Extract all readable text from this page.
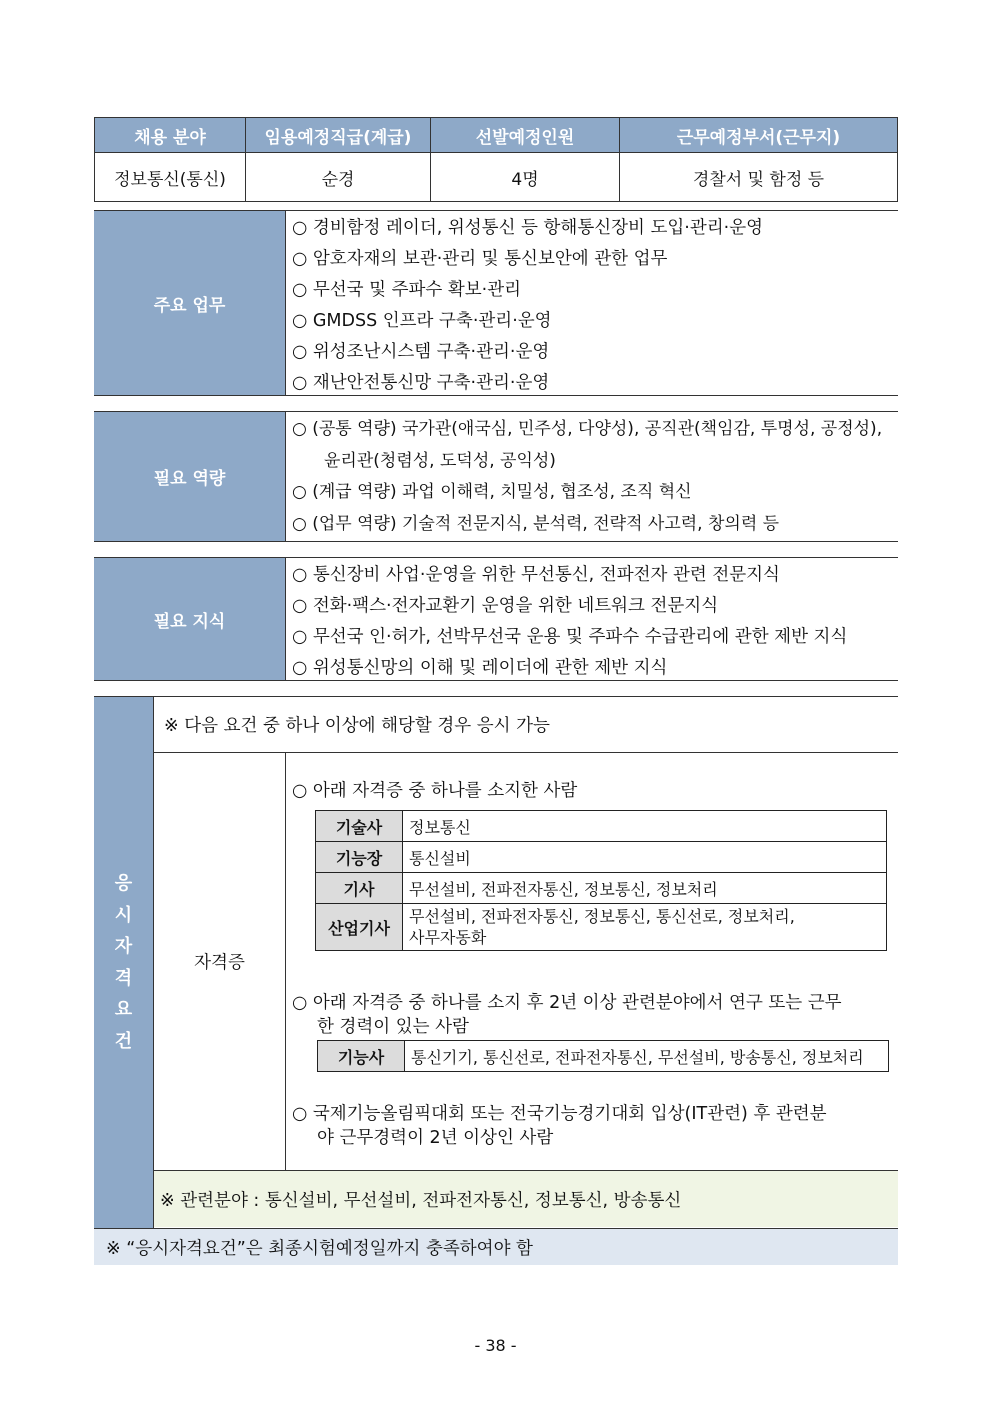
채용 분야	임용예정직급(계급)	선발예정인원	근무예정부서(근무지)
정보통신(통신)	순경	4명	경찰서 및 함정 등
주요 업무
○ 경비함정 레이더, 위성통신 등 항해통신장비 도입·관리·운영
○ 암호자재의 보관·관리 및 통신보안에 관한 업무
○ 무선국 및 주파수 확보·관리
○ GMDSS 인프라 구축·관리·운영
○ 위성조난시스템 구축·관리·운영
○ 재난안전통신망 구축·관리·운영
필요 역량
○ (공통 역량) 국가관(애국심, 민주성, 다양성), 공직관(책임감, 투명성, 공정성),
윤리관(청렴성, 도덕성, 공익성)
○ (계급 역량) 과업 이해력, 치밀성, 협조성, 조직 혁신
○ (업무 역량) 기술적 전문지식, 분석력, 전략적 사고력, 창의력 등
필요 지식
○ 통신장비 사업·운영을 위한 무선통신, 전파전자 관련 전문지식
○ 전화·팩스·전자교환기 운영을 위한 네트워크 전문지식
○ 무선국 인·허가, 선박무선국 운용 및 주파수 수급관리에 관한 제반 지식
○ 위성통신망의 이해 및 레이더에 관한 제반 지식
응
시
자
격
요
건
※ 다음 요건 중 하나 이상에 해당할 경우 응시 가능
자격증
○ 아래 자격증 중 하나를 소지한 사람
기술사	정보통신
기능장	통신설비
기사	무선설비, 전파전자통신, 정보통신, 정보처리
산업기사	무선설비, 전파전자통신, 정보통신, 통신선로, 정보처리,
사무자동화
○ 아래 자격증 중 하나를 소지 후 2년 이상 관련분야에서 연구 또는 근무
한 경력이 있는 사람
기능사	통신기기, 통신선로, 전파전자통신, 무선설비, 방송통신, 정보처리
○ 국제기능올림픽대회 또는 전국기능경기대회 입상(IT관련) 후 관련분
야 근무경력이 2년 이상인 사람
※ 관련분야 : 통신설비, 무선설비, 전파전자통신, 정보통신, 방송통신
※ “응시자격요건”은 최종시험예정일까지 충족하여야 함
- 38 -
